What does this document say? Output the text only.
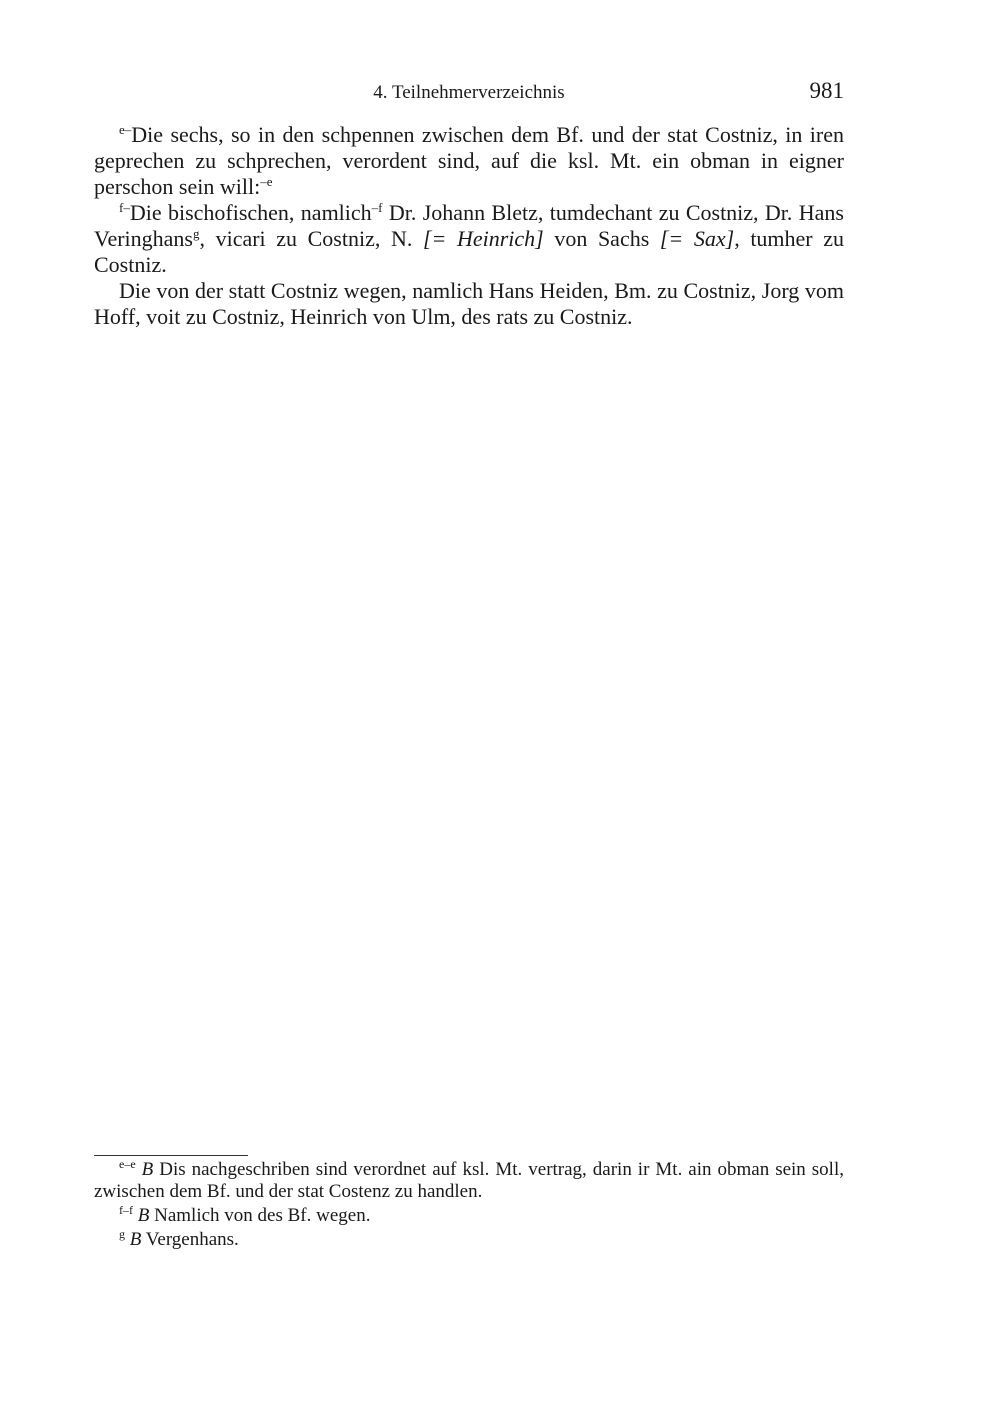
4. Teilnehmerverzeichnis	981

$^{e-}$Die sechs, so in den schpennen zwischen dem Bf. und der stat Costniz, in iren geprechen zu schprechen, verordent sind, auf die ksl. Mt. ein obman in eigner perschon sein will:$^{-e}$

$^{f-}$Die bischofischen, namlich$^{-f}$ Dr. Johann Bletz, tumdechant zu Costniz, Dr. Hans Veringhans$^g$, vicari zu Costniz, N. [= Heinrich] von Sachs [= Sax], tumher zu Costniz.

Die von der statt Costniz wegen, namlich Hans Heiden, Bm. zu Costniz, Jorg vom Hoff, voit zu Costniz, Heinrich von Ulm, des rats zu Costniz.

$^{e-e}$ B Dis nachgeschriben sind verordnet auf ksl. Mt. vertrag, darin ir Mt. ain obman sein soll, zwischen dem Bf. und der stat Costenz zu handlen.

$^{f-f}$ B Namlich von des Bf. wegen.

$^g$ B Vergenhans.
